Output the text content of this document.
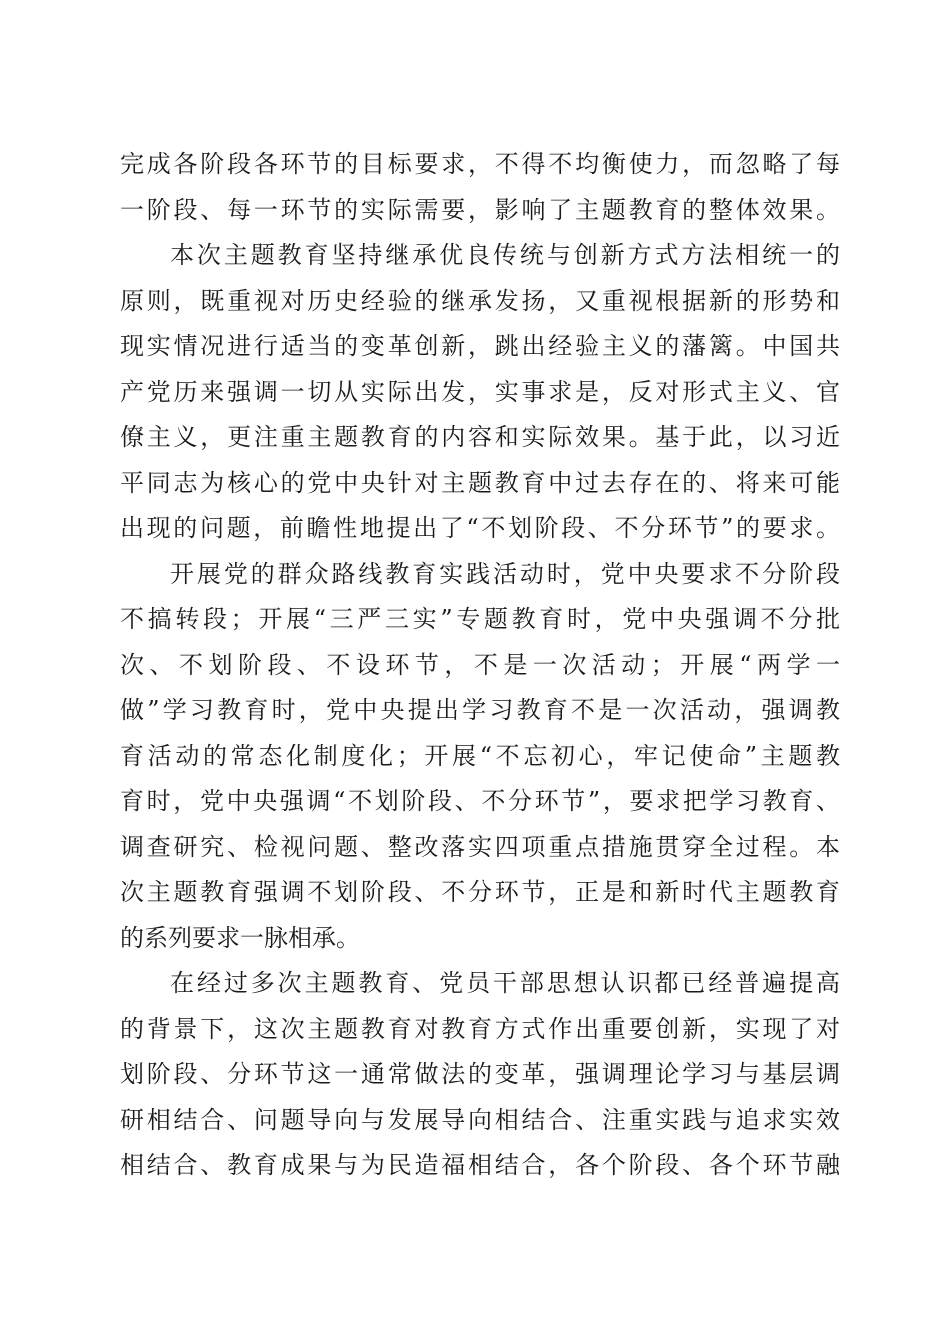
完成各阶段各环节的目标要求，不得不均衡使力，而忽略了每
一阶段、每一环节的实际需要，影响了主题教育的整体效果。
本次主题教育坚持继承优良传统与创新方式方法相统一的
原则，既重视对历史经验的继承发扬，又重视根据新的形势和
现实情况进行适当的变革创新，跳出经验主义的藩篱。中国共
产党历来强调一切从实际出发，实事求是，反对形式主义、官
僚主义，更注重主题教育的内容和实际效果。基于此，以习近
平同志为核心的党中央针对主题教育中过去存在的、将来可能
出现的问题，前瞻性地提出了“不划阶段、不分环节”的要求。
开展党的群众路线教育实践活动时，党中央要求不分阶段
不搞转段；开展“三严三实”专题教育时，党中央强调不分批
次、不划阶段、不设环节，不是一次活动；开展“两学一
做”学习教育时，党中央提出学习教育不是一次活动，强调教
育活动的常态化制度化；开展“不忘初心，牢记使命”主题教
育时，党中央强调“不划阶段、不分环节”，要求把学习教育、
调查研究、检视问题、整改落实四项重点措施贯穿全过程。本
次主题教育强调不划阶段、不分环节，正是和新时代主题教育
的系列要求一脉相承。
在经过多次主题教育、党员干部思想认识都已经普遍提高
的背景下，这次主题教育对教育方式作出重要创新，实现了对
划阶段、分环节这一通常做法的变革，强调理论学习与基层调
研相结合、问题导向与发展导向相结合、注重实践与追求实效
相结合、教育成果与为民造福相结合，各个阶段、各个环节融
